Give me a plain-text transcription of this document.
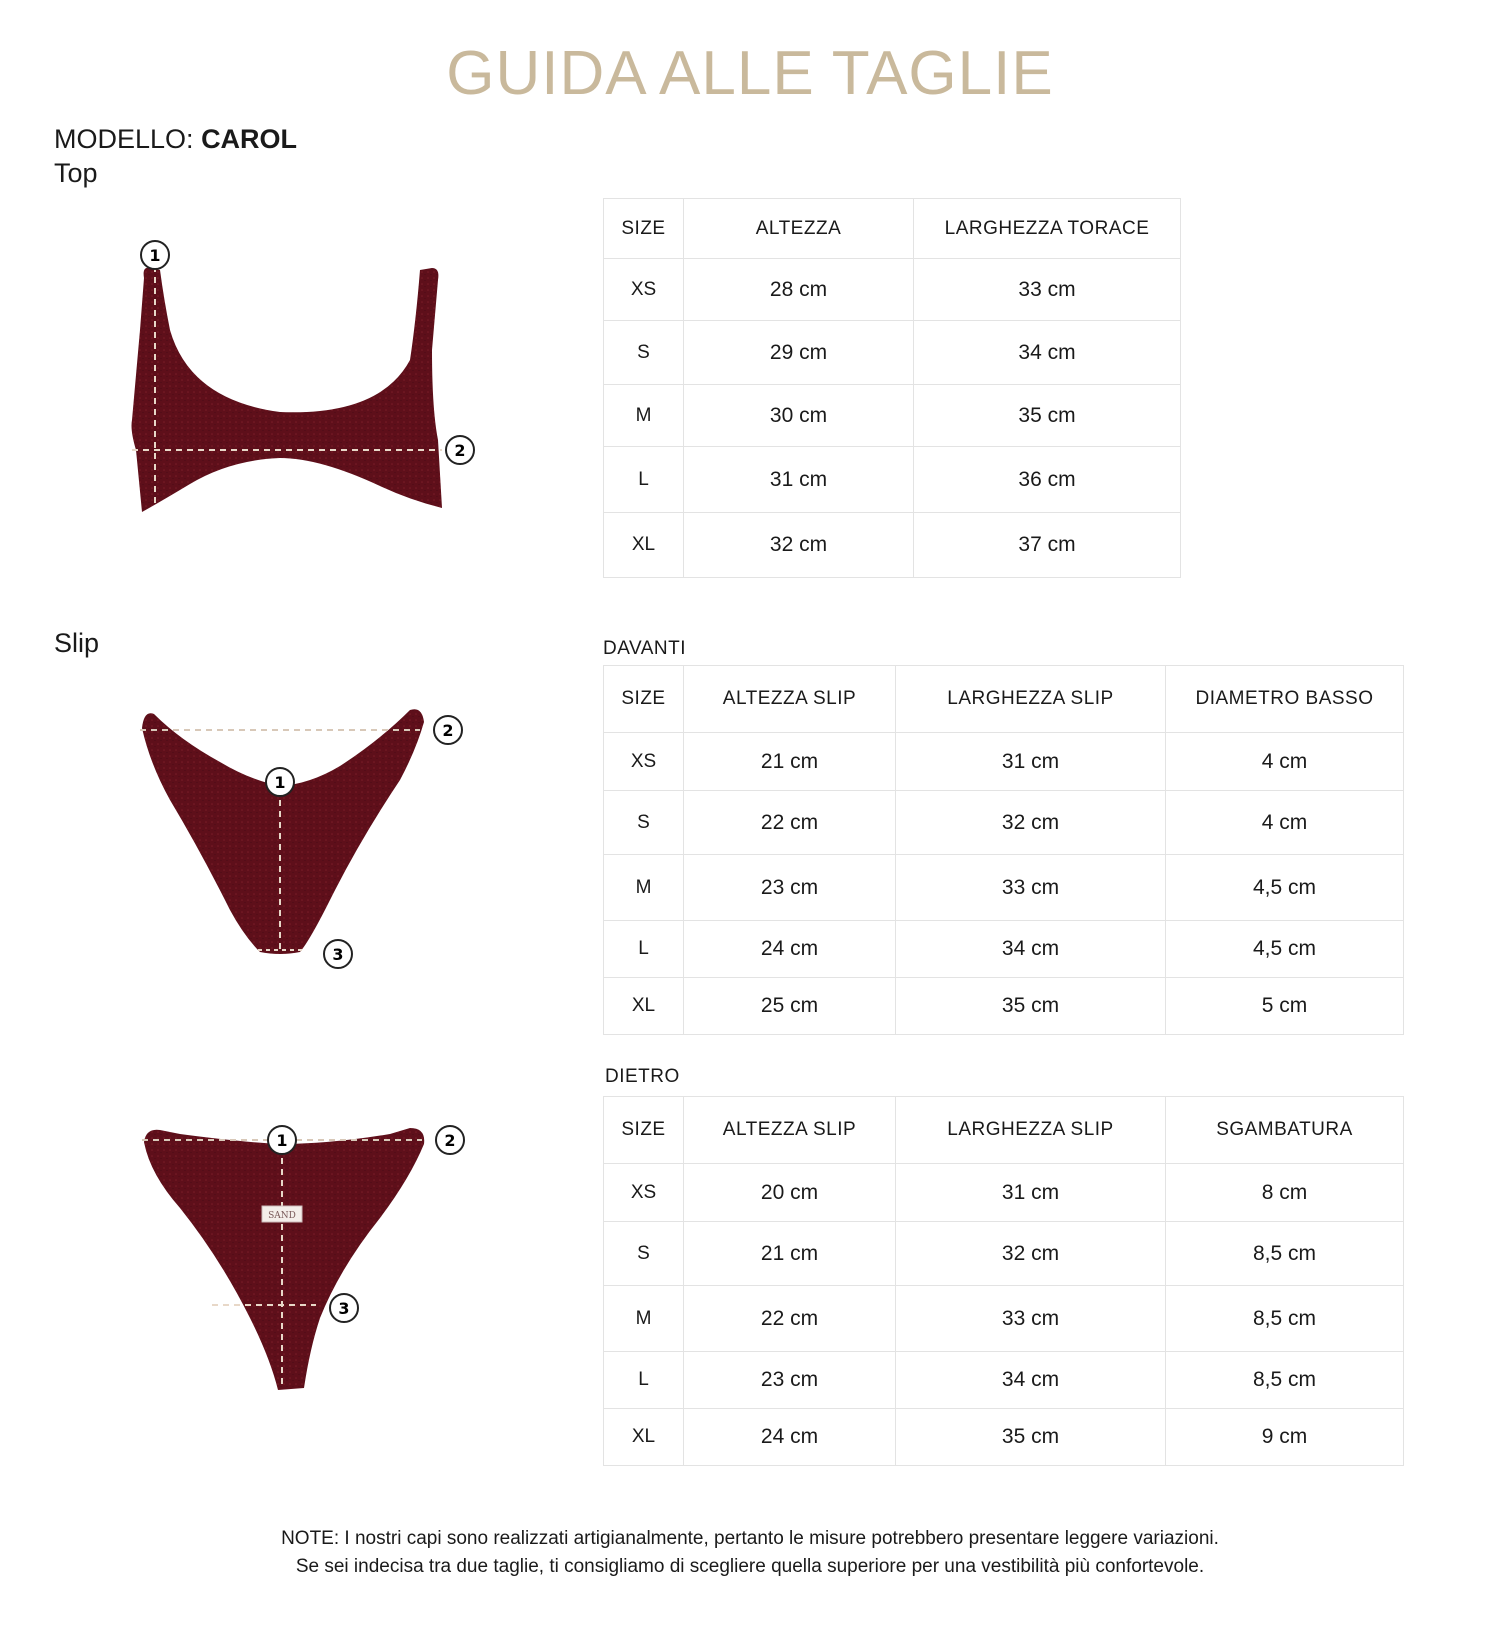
GUIDA ALLE TAGLIE
MODELLO: CAROL
Top
Slip
1
2
1
2
3
SAND
1	2
3
SIZE	ALTEZZA	LARGHEZZA TORACE
XS	28 cm	33 cm
S	29 cm	34 cm
M	30 cm	35 cm
L	31 cm	36 cm
XL	32 cm	37 cm
DAVANTI
SIZE	ALTEZZA SLIP	LARGHEZZA SLIP	DIAMETRO BASSO
XS	21 cm	31 cm	4 cm
S	22 cm	32 cm	4 cm
M	23 cm	33 cm	4,5 cm
L	24 cm	34 cm	4,5 cm
XL	25 cm	35 cm	5 cm
DIETRO
SIZE	ALTEZZA SLIP	LARGHEZZA SLIP	SGAMBATURA
XS	20 cm	31 cm	8 cm
S	21 cm	32 cm	8,5 cm
M	22 cm	33 cm	8,5 cm
L	23 cm	34 cm	8,5 cm
XL	24 cm	35 cm	9 cm
NOTE: I nostri capi sono realizzati artigianalmente, pertanto le misure potrebbero presentare leggere variazioni.
Se sei indecisa tra due taglie, ti consigliamo di scegliere quella superiore per una vestibilità più confortevole.
